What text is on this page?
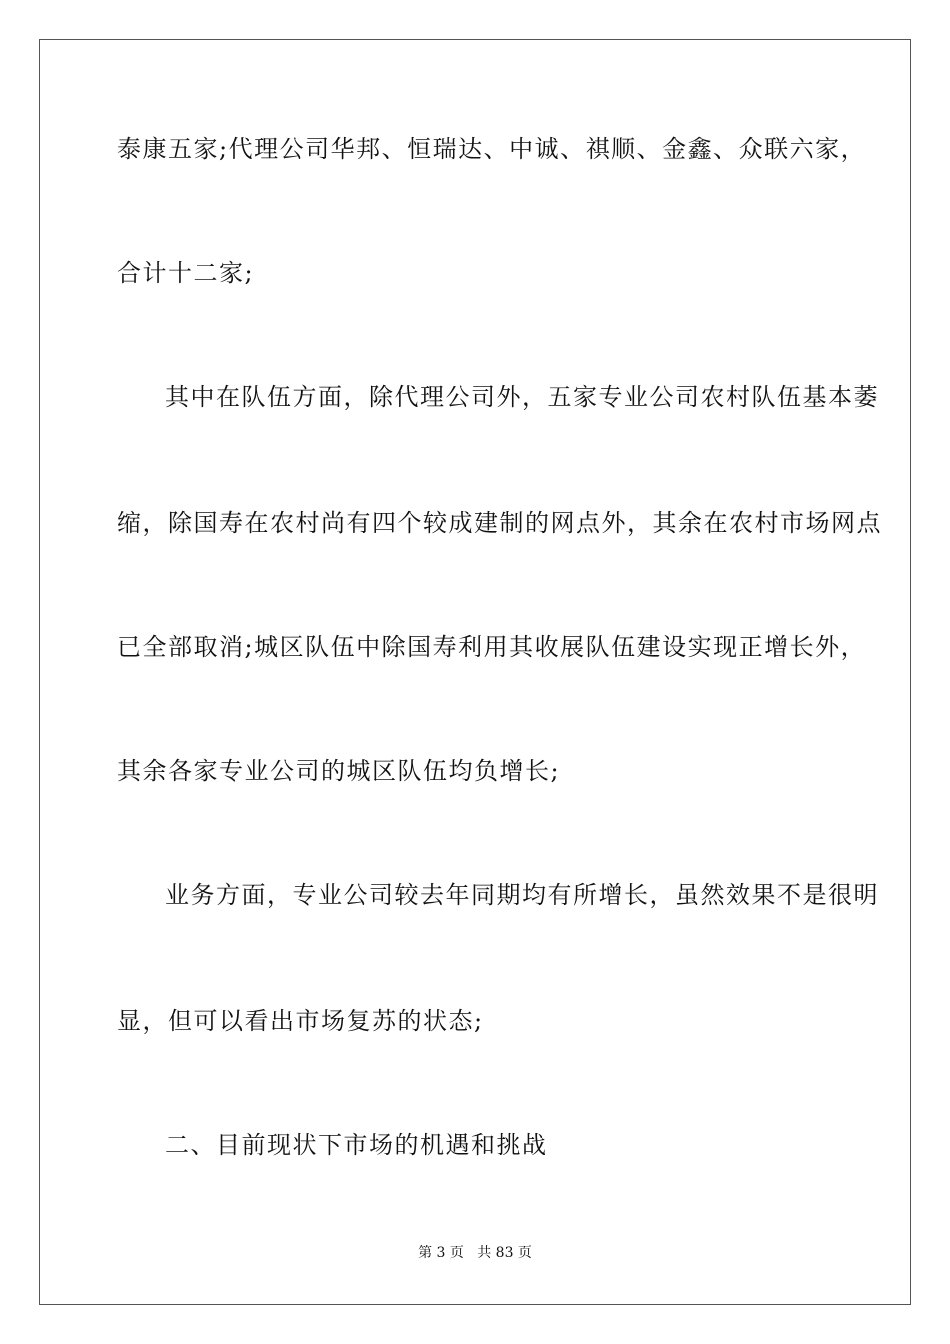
泰康五家;代理公司华邦、恒瑞达、中诚、祺顺、金鑫、众联六家，
合计十二家;
其中在队伍方面，除代理公司外，五家专业公司农村队伍基本萎
缩，除国寿在农村尚有四个较成建制的网点外，其余在农村市场网点
已全部取消;城区队伍中除国寿利用其收展队伍建设实现正增长外，
其余各家专业公司的城区队伍均负增长;
业务方面，专业公司较去年同期均有所增长，虽然效果不是很明
显，但可以看出市场复苏的状态;
二、目前现状下市场的机遇和挑战
第 3 页   共 83 页
